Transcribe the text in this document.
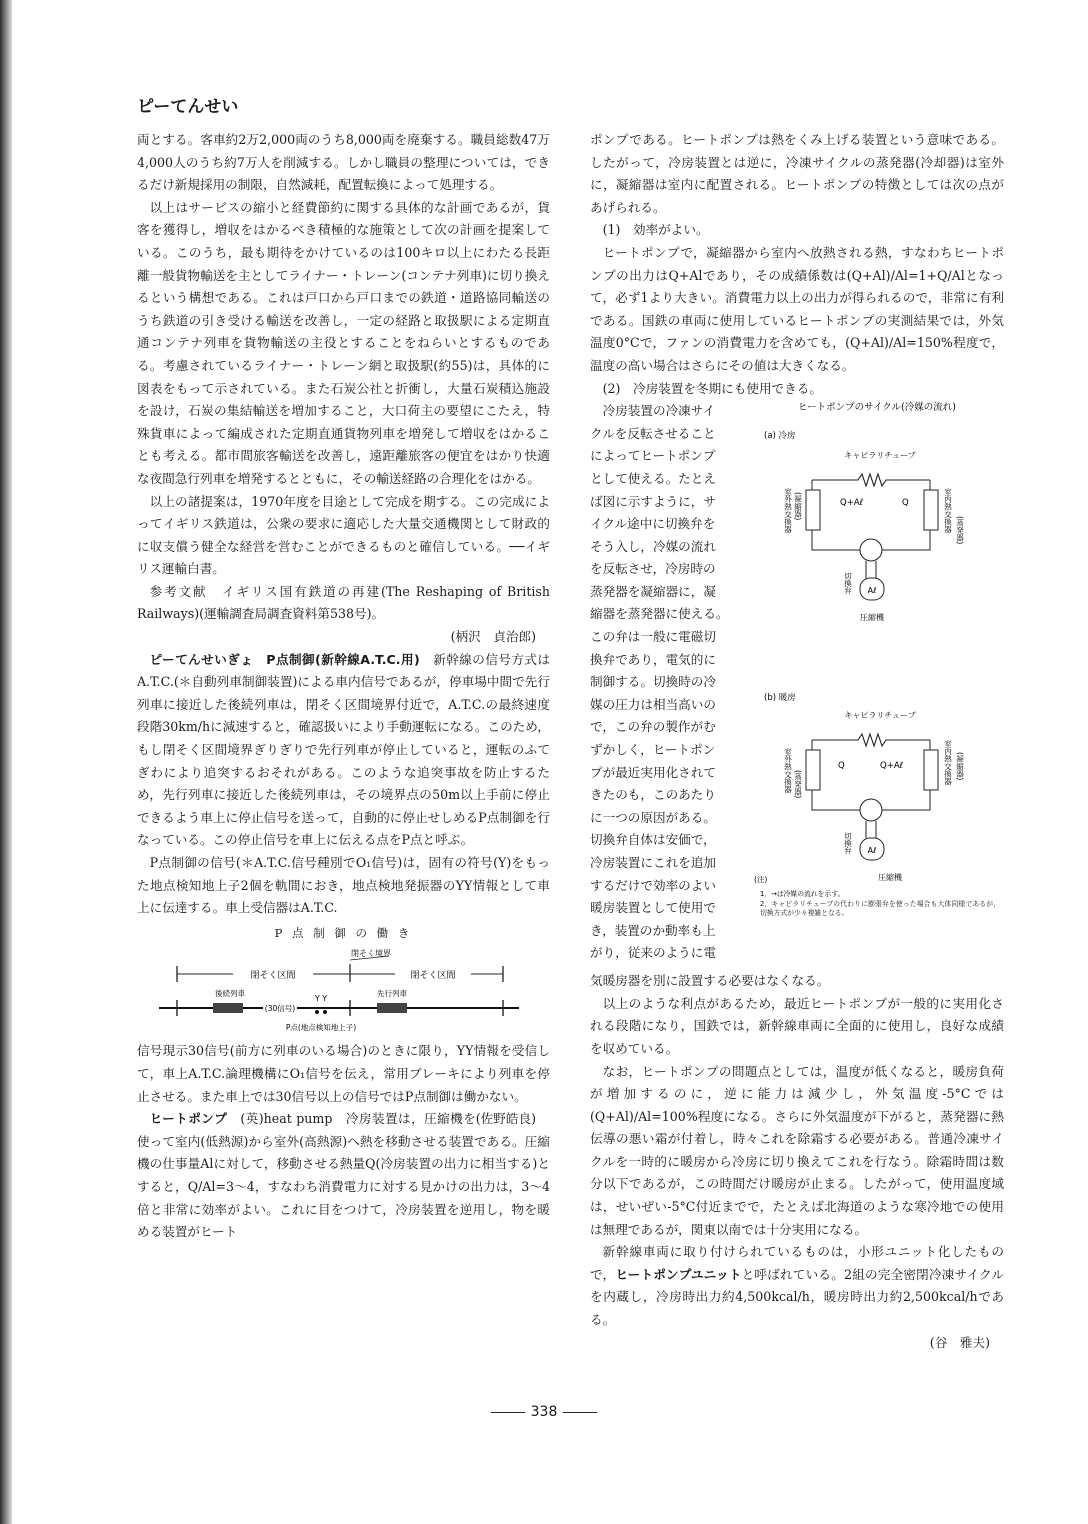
ピーてんせい

両とする。客車約2万2,000両のうち8,000両を廃棄する。職員総数47万4,000人のうち約7万人を削減する。しかし職員の整理については，できるだけ新規採用の制限，自然減耗，配置転換によって処理する。

以上はサービスの縮小と経費節約に関する具体的な計画であるが，貨客を獲得し，増収をはかるべき積極的な施策として次の計画を提案している。このうち，最も期待をかけているのは100キロ以上にわたる長距離一般貨物輸送を主としてライナー・トレーン(コンテナ列車)に切り換えるという構想である。これは戸口から戸口までの鉄道・道路協同輸送のうち鉄道の引き受ける輸送を改善し，一定の経路と取扱駅による定期直通コンテナ列車を貨物輸送の主役とすることをねらいとするものである。考慮されているライナー・トレーン網と取扱駅(約55)は，具体的に図表をもって示されている。また石炭公社と折衝し，大量石炭積込施設を設け，石炭の集結輸送を増加すること，大口荷主の要望にこたえ，特殊貨車によって編成された定期直通貨物列車を増発して増収をはかることも考える。都市間旅客輸送を改善し，遠距離旅客の便宜をはかり快適な夜間急行列車を増発するとともに，その輸送経路の合理化をはかる。

以上の諸提案は，1970年度を目途として完成を期する。この完成によってイギリス鉄道は，公衆の要求に適応した大量交通機関として財政的に収支償う健全な経営を営むことができるものと確信している。──イギリス運輸白書。

参考文献　イギリス国有鉄道の再建(The Reshaping of British Railways)(運輸調査局調査資料第538号)。

(柄沢　貞治郎)

ピーてんせいぎょ　P点制御(新幹線A.T.C.用)　 新幹線の信号方式はA.T.C.(＊自動列車制御装置)による車内信号であるが，停車場中間で先行列車に接近した後続列車は，閉そく区間境界付近で，A.T.C.の最終速度段階30km/hに減速すると，確認扱いにより手動運転になる。このため，もし閉そく区間境界ぎりぎりで先行列車が停止していると，運転のふてぎわにより追突するおそれがある。このような追突事故を防止するため，先行列車に接近した後続列車は，その境界点の50m以上手前に停止できるよう車上に停止信号を送って，自動的に停止せしめるP点制御を行なっている。この停止信号を車上に伝える点をP点と呼ぶ。

P点制御の信号(＊A.T.C.信号種別でO₁信号)は，固有の符号(Y)をもった地点検知地上子2個を軌間におき，地点検地発振器のYY情報として車上に伝達する。車上受信器はA.T.C.

P 点 制 御 の 働 き

閉そく区間	閉そく区間
閉そく境界
後続列車	先行列車
(30信号)
Y Y
P点(地点検知地上子)

信号現示30信号(前方に列車のいる場合)のときに限り，YY情報を受信して，車上A.T.C.論理機構にO₁信号を伝え，常用ブレーキにより列車を停止させる。また車上では30信号以上の信号ではP点制御は働かない。　　　
(佐野皓良)

ヒートポンプ　 (英)heat pump　冷房装置は，圧縮機を使って室内(低熱源)から室外(高熱源)へ熱を移動させる装置である。圧縮機の仕事量Alに対して，移動させる熱量Q(冷房装置の出力に相当する)とすると，Q/Al=3～4，すなわち消費電力に対する見かけの出力は，3～4倍と非常に効率がよい。これに目をつけて，冷房装置を逆用し，物を暖める装置がヒート

ポンプである。ヒートポンプは熱をくみ上げる装置という意味である。したがって，冷房装置とは逆に，冷凍サイクルの蒸発器(冷却器)は室外に，凝縮器は室内に配置される。ヒートポンプの特徴としては次の点があげられる。

(1)　効率がよい。

ヒートポンプで，凝縮器から室内へ放熱される熱，すなわちヒートポンプの出力はQ+Alであり，その成績係数は(Q+Al)/Al=1+Q/Alとなって，必ず1より大きい。消費電力以上の出力が得られるので，非常に有利である。国鉄の車両に使用しているヒートポンプの実測結果では，外気温度0°Cで，ファンの消費電力を含めても，(Q+Al)/Al=150%程度で，温度の高い場合はさらにその値は大きくなる。

(2)　冷房装置を冬期にも使用できる。

冷房装置の冷凍サイ
クルを反転させること
によってヒートポンプ
として使える。たとえ
ば図に示すように，サ
イクル途中に切換弁を
そう入し，冷媒の流れ
を反転させ，冷房時の
蒸発器を凝縮器に，凝
縮器を蒸発器に使える。
この弁は一般に電磁切
換弁であり，電気的に
制御する。切換時の冷
媒の圧力は相当高いの
で，この弁の製作がむ
ずかしく，ヒートポン
プが最近実用化されて
きたのも，このあたり
に一つの原因がある。
切換弁自体は安価で，
冷房装置にこれを追加
するだけで効率のよい
暖房装置として使用で
き，装置のか動率も上
がり，従来のように電
ヒートポンプのサイクル(冷媒の流れ)
(a) 冷房
キャピラリチューブ
Aℓ
Q+Aℓ	Q
室外熱交換器 (凝縮器)	室内熱交換器 (蒸発器)
切換弁
圧縮機
(b) 暖房
キャピラリチューブ
Aℓ
Q	Q+Aℓ
室外熱交換器 (蒸発器)	室内熱交換器 (凝縮器)
切換弁
圧縮機
(注)
1．→は冷媒の流れを示す。
2．キャピラリチューブの代わりに膨張弁を使った場合も大体同様であるが，切換方式が少々複雑となる。

気暖房器を別に設置する必要はなくなる。

以上のような利点があるため，最近ヒートポンプが一般的に実用化される段階になり，国鉄では，新幹線車両に全面的に使用し，良好な成績を収めている。

なお，ヒートポンプの問題点としては，温度が低くなると，暖房負荷が増加するのに，逆に能力は減少し，外気温度-5°Cでは(Q+Al)/Al=100%程度になる。さらに外気温度が下がると，蒸発器に熱伝導の悪い霜が付着し，時々これを除霜する必要がある。普通冷凍サイクルを一時的に暖房から冷房に切り換えてこれを行なう。除霜時間は数分以下であるが，この時間だけ暖房が止まる。したがって，使用温度域は，せいぜい-5°C付近までで，たとえば北海道のような寒冷地での使用は無理であるが，関東以南では十分実用になる。

新幹線車両に取り付けられているものは，小形ユニット化したもので，ヒートポンプユニットと呼ばれている。2組の完全密閉冷凍サイクルを内蔵し，冷房時出力約4,500kcal/h，暖房時出力約2,500kcal/hである。

(谷　雅夫)

338
